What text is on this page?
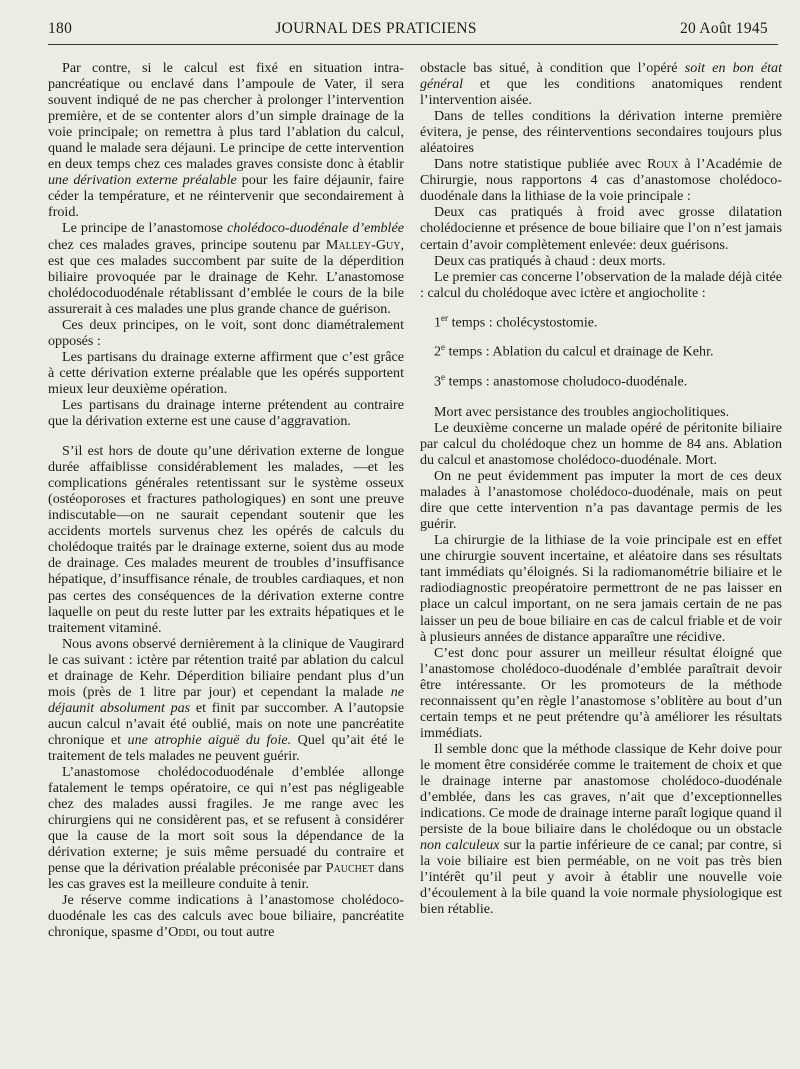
180	JOURNAL DES PRATICIENS	20 Août 1945

Par contre, si le calcul est fixé en situation intra-pancréatique ou enclavé dans l’ampoule de Vater, il sera souvent indiqué de ne pas chercher à prolonger l’intervention première, et de se contenter alors d’un simple drainage de la voie principale; on remettra à plus tard l’ablation du calcul, quand le malade sera déjauni. Le principe de cette intervention en deux temps chez ces malades graves consiste donc à établir une dérivation externe préalable pour les faire déjaunir, faire céder la température, et ne réintervenir que secondairement à froid.

Le principe de l’anastomose cholédoco-duodénale d’emblée chez ces malades graves, principe soutenu par Malley-Guy, est que ces malades succombent par suite de la déperdition biliaire provoquée par le drainage de Kehr. L’anastomose cholédocoduodénale rétablissant d’emblée le cours de la bile assurerait à ces malades une plus grande chance de guérison.

Ces deux principes, on le voit, sont donc diamétralement opposés :

Les partisans du drainage externe affirment que c’est grâce à cette dérivation externe préalable que les opérés supportent mieux leur deuxième opération.

Les partisans du drainage interne prétendent au contraire que la dérivation externe est une cause d’aggravation.

S’il est hors de doute qu’une dérivation externe de longue durée affaiblisse considérablement les malades, —et les complications générales retentissant sur le système osseux (ostéoporoses et fractures pathologiques) en sont une preuve indiscutable—on ne saurait cependant soutenir que les accidents mortels survenus chez les opérés de calculs du cholédoque traités par le drainage externe, soient dus au mode de drainage. Ces malades meurent de troubles d’insuffisance hépatique, d’insuffisance rénale, de troubles cardiaques, et non pas certes des conséquences de la dérivation externe contre laquelle on peut du reste lutter par les extraits hépatiques et le traitement vitaminé.

Nous avons observé dernièrement à la clinique de Vaugirard le cas suivant : ictère par rétention traité par ablation du calcul et drainage de Kehr. Déperdition biliaire pendant plus d’un mois (près de 1 litre par jour) et cependant la malade ne déjaunit absolument pas et finit par succomber. A l’autopsie aucun calcul n’avait été oublié, mais on note une pancréatite chronique et une atrophie aiguë du foie. Quel qu’ait été le traitement de tels malades ne peuvent guérir.

L’anastomose cholédocoduodénale d’emblée allonge fatalement le temps opératoire, ce qui n’est pas négligeable chez des malades aussi fragiles. Je me range avec les chirurgiens qui ne considèrent pas, et se refusent à considérer que la cause de la mort soit sous la dépendance de la dérivation externe; je suis même persuadé du contraire et pense que la dérivation préalable préconisée par Pauchet dans les cas graves est la meilleure conduite à tenir.

Je réserve comme indications à l’anastomose cholédoco-duodénale les cas des calculs avec boue biliaire, pancréatite chronique, spasme d’Oddi, ou tout autre

obstacle bas situé, à condition que l’opéré soit en bon état général et que les conditions anatomiques rendent l’intervention aisée.

Dans de telles conditions la dérivation interne première évitera, je pense, des réinterventions secondaires toujours plus aléatoires

Dans notre statistique publiée avec Roux à l’Académie de Chirurgie, nous rapportons 4 cas d’anastomose cholédoco-duodénale dans la lithiase de la voie principale :

Deux cas pratiqués à froid avec grosse dilatation cholédocienne et présence de boue biliaire que l’on n’est jamais certain d’avoir complètement enlevée: deux guérisons.

Deux cas pratiqués à chaud : deux morts.

Le premier cas concerne l’observation de la malade déjà citée : calcul du cholédoque avec ictère et angiocholite :

1er temps : cholécystostomie.

2e temps : Ablation du calcul et drainage de Kehr.

3e temps : anastomose choludoco-duodénale.

Mort avec persistance des troubles angiocholitiques.

Le deuxième concerne un malade opéré de péritonite biliaire par calcul du cholédoque chez un homme de 84 ans. Ablation du calcul et anastomose cholédoco-duodénale. Mort.

On ne peut évidemment pas imputer la mort de ces deux malades à l’anastomose cholédoco-duodénale, mais on peut dire que cette intervention n’a pas davantage permis de les guérir.

La chirurgie de la lithiase de la voie principale est en effet une chirurgie souvent incertaine, et aléatoire dans ses résultats tant immédiats qu’éloignés. Si la radiomanométrie biliaire et le radiodiagnostic preopératoire permettront de ne pas laisser en place un calcul important, on ne sera jamais certain de ne pas laisser un peu de boue biliaire en cas de calcul friable et de voir à plusieurs années de distance apparaître une récidive.

C’est donc pour assurer un meilleur résultat éloigné que l’anastomose cholédoco-duodénale d’emblée paraîtrait devoir être intéressante. Or les promoteurs de la méthode reconnaissent qu’en règle l’anastomose s’oblitère au bout d’un certain temps et ne peut prétendre qu’à améliorer les résultats immédiats.

Il semble donc que la méthode classique de Kehr doive pour le moment être considérée comme le traitement de choix et que le drainage interne par anastomose cholédoco-duodénale d’emblée, dans les cas graves, n’ait que d’exceptionnelles indications. Ce mode de drainage interne paraît logique quand il persiste de la boue biliaire dans le cholédoque ou un obstacle non calculeux sur la partie inférieure de ce canal; par contre, si la voie biliaire est bien perméable, on ne voit pas très bien l’intérêt qu’il peut y avoir à établir une nouvelle voie d’écoulement à la bile quand la voie normale physiologique est bien rétablie.
